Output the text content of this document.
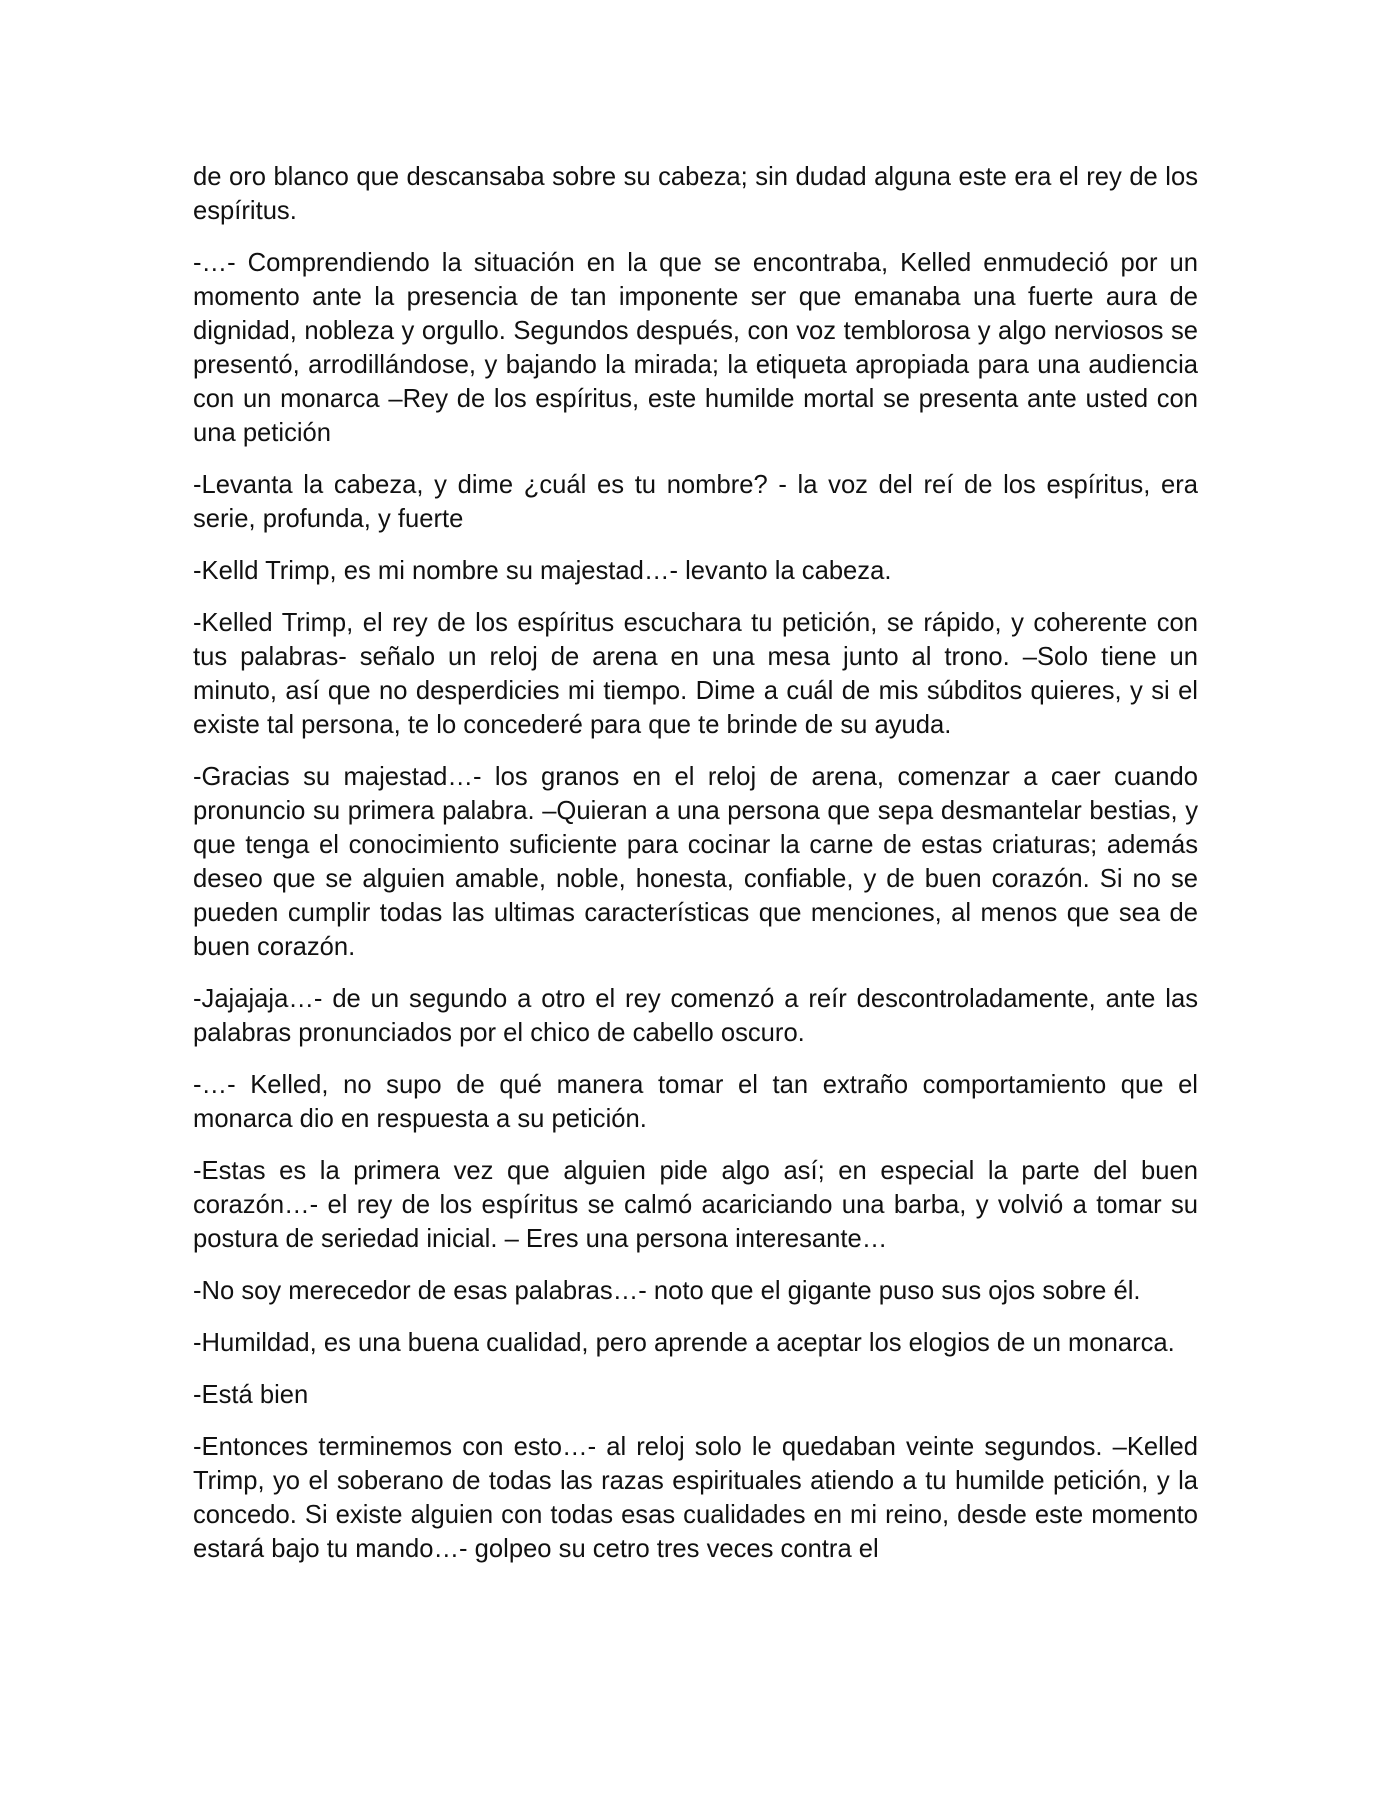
de oro blanco que descansaba sobre su cabeza; sin dudad alguna este era el rey de los espíritus.

-…- Comprendiendo la situación en la que se encontraba, Kelled enmudeció por un momento ante la presencia de tan imponente ser que emanaba una fuerte aura de dignidad, nobleza y orgullo. Segundos después, con voz temblorosa y algo nerviosos se presentó, arrodillándose, y bajando la mirada; la etiqueta apropiada para una audiencia con un monarca –Rey de los espíritus, este humilde mortal se presenta ante usted con una petición

-Levanta la cabeza, y dime ¿cuál es tu nombre? - la voz del reí de los espíritus, era serie, profunda, y fuerte

-Kelld Trimp, es mi nombre su majestad…- levanto la cabeza.

-Kelled Trimp, el rey de los espíritus escuchara tu petición, se rápido, y coherente con tus palabras- señalo un reloj de arena en una mesa junto al trono. –Solo tiene un minuto, así que no desperdicies mi tiempo. Dime a cuál de mis súbditos quieres, y si el existe tal persona, te lo concederé para que te brinde de su ayuda.

-Gracias su majestad…- los granos en el reloj de arena, comenzar a caer cuando pronuncio su primera palabra. –Quieran a una persona que sepa desmantelar bestias, y que tenga el conocimiento suficiente para cocinar la carne de estas criaturas; además deseo que se alguien amable, noble, honesta, confiable, y de buen corazón. Si no se pueden cumplir todas las ultimas características que menciones, al menos que sea de buen corazón.

-Jajajaja…- de un segundo a otro el rey comenzó a reír descontroladamente, ante las palabras pronunciados por el chico de cabello oscuro.

-…- Kelled, no supo de qué manera tomar el tan extraño comportamiento que el monarca dio en respuesta a su petición.

-Estas es la primera vez que alguien pide algo así; en especial la parte del buen corazón…- el rey de los espíritus se calmó acariciando una barba, y volvió a tomar su postura de seriedad inicial. – Eres una persona interesante…

-No soy merecedor de esas palabras…- noto que el gigante puso sus ojos sobre él.

-Humildad, es una buena cualidad, pero aprende a aceptar los elogios de un monarca.

-Está bien

-Entonces terminemos con esto…- al reloj solo le quedaban veinte segundos. –Kelled Trimp, yo el soberano de todas las razas espirituales atiendo a tu humilde petición, y la concedo. Si existe alguien con todas esas cualidades en mi reino, desde este momento estará bajo tu mando…- golpeo su cetro tres veces contra el
